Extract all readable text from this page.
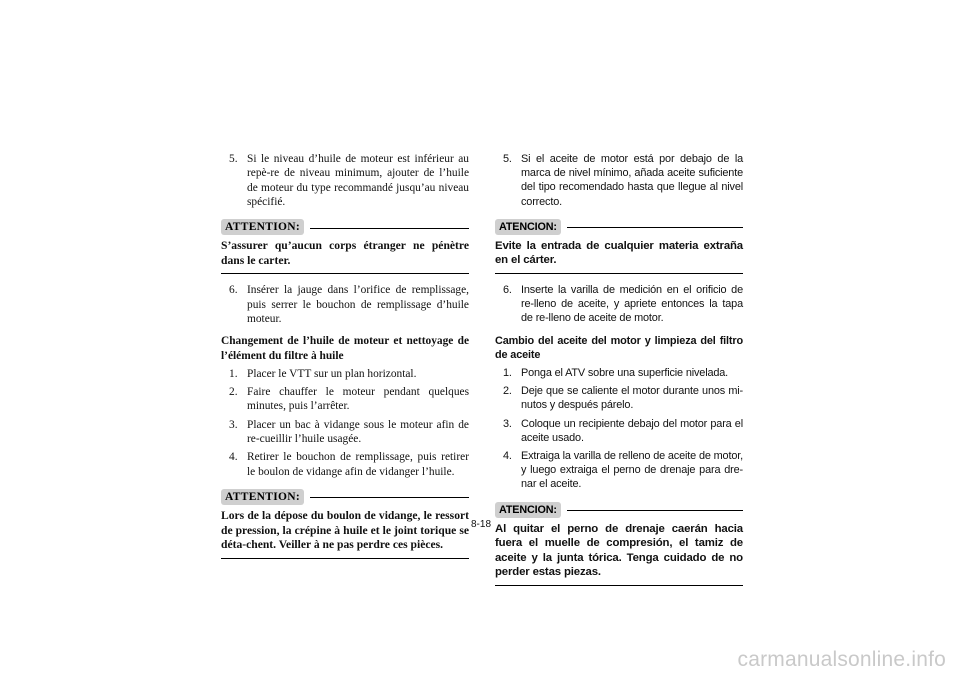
5. Si le niveau d’huile de moteur est inférieur au repè-re de niveau minimum, ajouter de l’huile de moteur du type recommandé jusqu’au niveau spécifié.
ATTENTION:
S’assurer qu’aucun corps étranger ne pénètre dans le carter.
6. Insérer la jauge dans l’orifice de remplissage, puis serrer le bouchon de remplissage d’huile moteur.
Changement de l’huile de moteur et nettoyage de l’élément du filtre à huile
1. Placer le VTT sur un plan horizontal.
2. Faire chauffer le moteur pendant quelques minutes, puis l’arrêter.
3. Placer un bac à vidange sous le moteur afin de re-cueillir l’huile usagée.
4. Retirer le bouchon de remplissage, puis retirer le boulon de vidange afin de vidanger l’huile.
ATTENTION:
Lors de la dépose du boulon de vidange, le ressort de pression, la crépine à huile et le joint torique se déta-chent. Veiller à ne pas perdre ces pièces.
5. Si el aceite de motor está por debajo de la marca de nivel mínimo, añada aceite suficiente del tipo recomendado hasta que llegue al nivel correcto.
ATENCION:
Evite la entrada de cualquier materia extraña en el cárter.
6. Inserte la varilla de medición en el orificio de re-lleno de aceite, y apriete entonces la tapa de re-lleno de aceite de motor.
Cambio del aceite del motor y limpieza del filtro de aceite
1. Ponga el ATV sobre una superficie nivelada.
2. Deje que se caliente el motor durante unos mi-nutos y después párelo.
3. Coloque un recipiente debajo del motor para el aceite usado.
4. Extraiga la varilla de relleno de aceite de motor, y luego extraiga el perno de drenaje para dre-nar el aceite.
ATENCION:
Al quitar el perno de drenaje caerán hacia fuera el muelle de compresión, el tamiz de aceite y la junta tórica. Tenga cuidado de no perder estas piezas.
8-18
carmanualsonline.info
